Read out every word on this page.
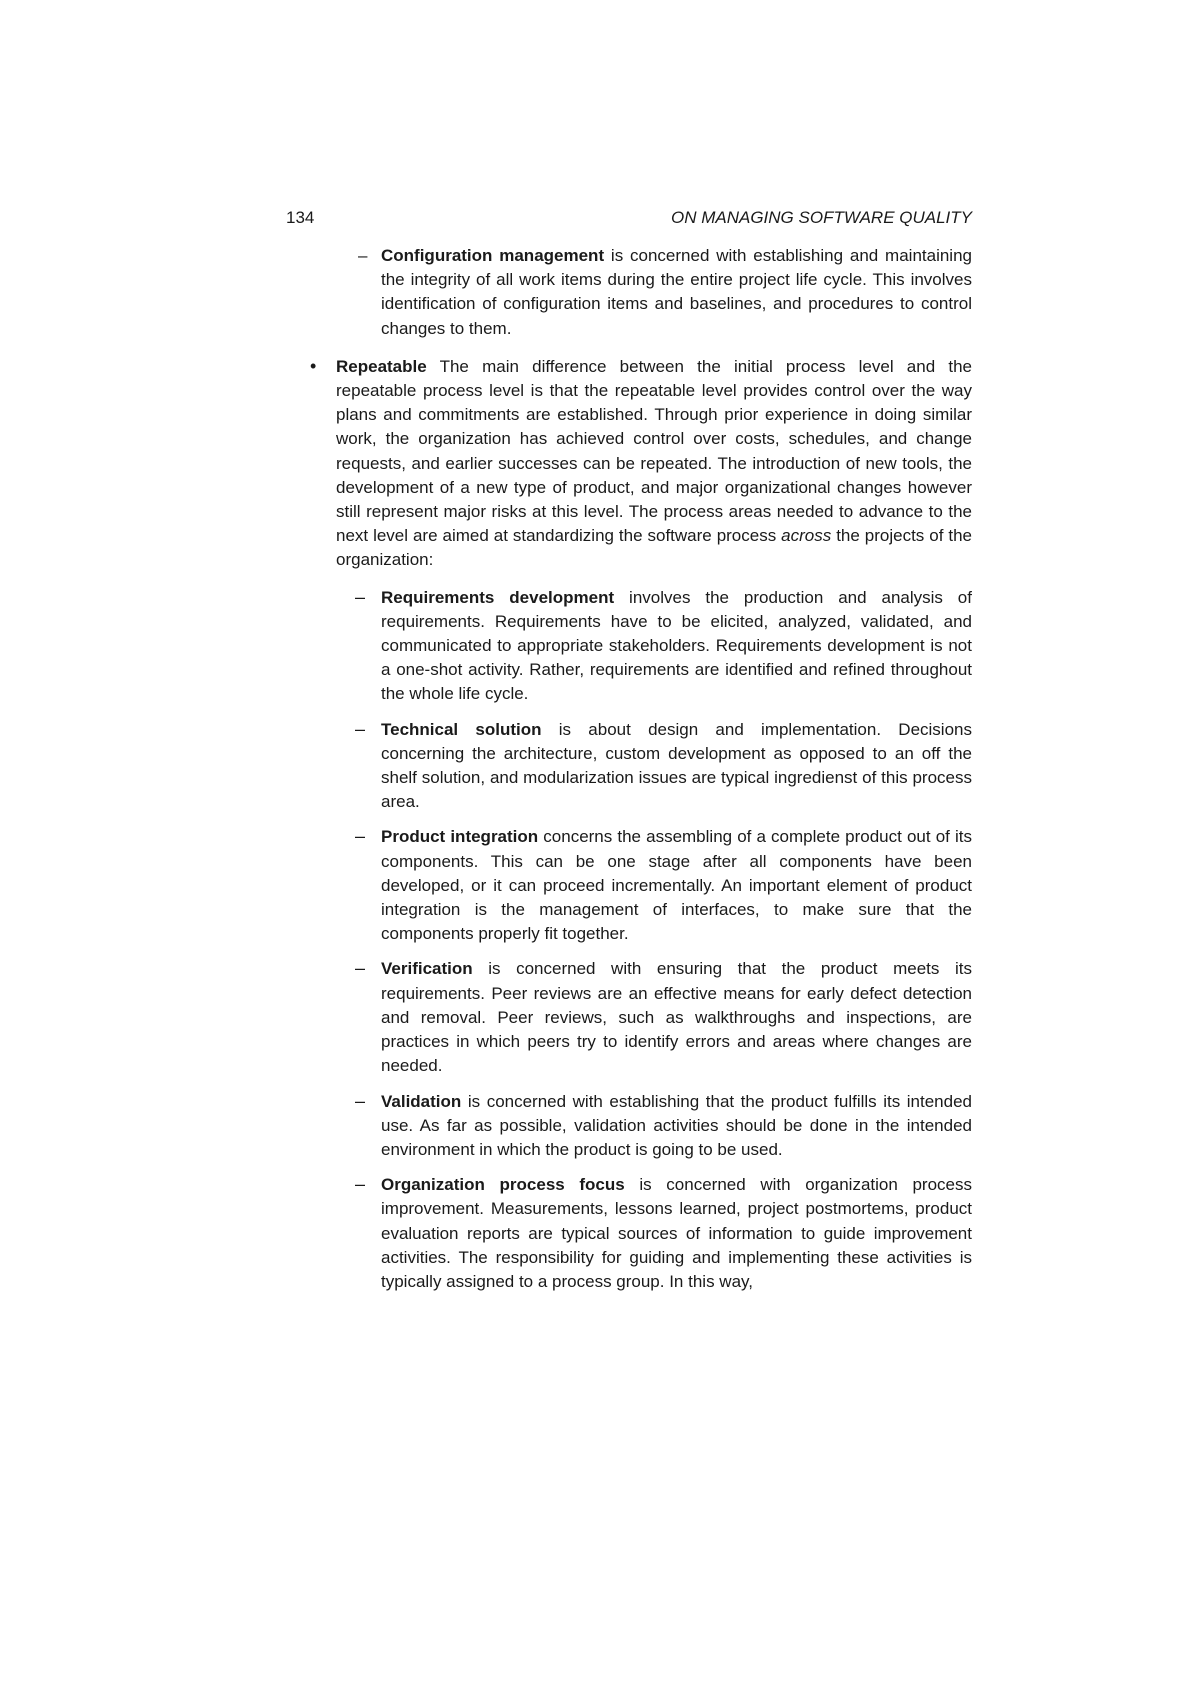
134	ON MANAGING SOFTWARE QUALITY
– Configuration management is concerned with establishing and maintaining the integrity of all work items during the entire project life cycle. This involves identification of configuration items and baselines, and procedures to control changes to them.

• Repeatable The main difference between the initial process level and the repeatable process level is that the repeatable level provides control over the way plans and commitments are established. Through prior experience in doing similar work, the organization has achieved control over costs, schedules, and change requests, and earlier successes can be repeated. The introduction of new tools, the development of a new type of product, and major organizational changes however still represent major risks at this level. The process areas needed to advance to the next level are aimed at standardizing the software process across the projects of the organization:

– Requirements development involves the production and analysis of requirements. Requirements have to be elicited, analyzed, validated, and communicated to appropriate stakeholders. Requirements development is not a one-shot activity. Rather, requirements are identified and refined throughout the whole life cycle.

– Technical solution is about design and implementation. Decisions concerning the architecture, custom development as opposed to an off the shelf solution, and modularization issues are typical ingredienst of this process area.

– Product integration concerns the assembling of a complete product out of its components. This can be one stage after all components have been developed, or it can proceed incrementally. An important element of product integration is the management of interfaces, to make sure that the components properly fit together.

– Verification is concerned with ensuring that the product meets its requirements. Peer reviews are an effective means for early defect detection and removal. Peer reviews, such as walkthroughs and inspections, are practices in which peers try to identify errors and areas where changes are needed.

– Validation is concerned with establishing that the product fulfills its intended use. As far as possible, validation activities should be done in the intended environment in which the product is going to be used.

– Organization process focus is concerned with organization process improvement. Measurements, lessons learned, project postmortems, product evaluation reports are typical sources of information to guide improvement activities. The responsibility for guiding and implementing these activities is typically assigned to a process group. In this way,
